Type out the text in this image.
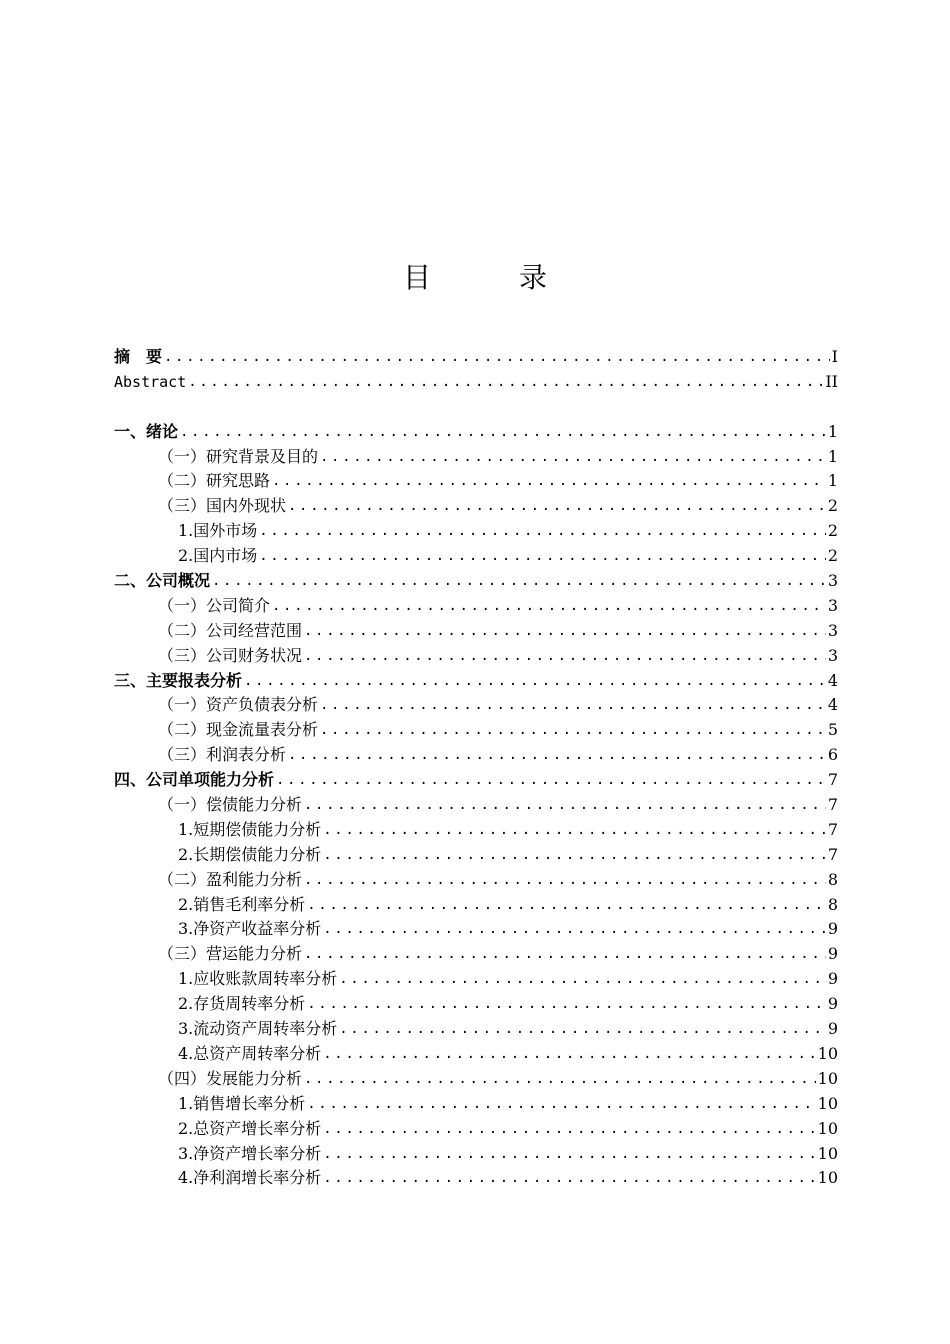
目　录
摘　要 .....	I
Abstract .....	II
一、绪论 .....	1
（一）研究背景及目的 .....	1
（二）研究思路 .....	1
（三）国内外现状 .....	2
1.国外市场 .....	2
2.国内市场 .....	2
二、公司概况 .....	3
（一）公司简介 .....	3
（二）公司经营范围 .....	3
（三）公司财务状况 .....	3
三、主要报表分析 .....	4
（一）资产负债表分析 .....	4
（二）现金流量表分析 .....	5
（三）利润表分析 .....	6
四、公司单项能力分析 .....	7
（一）偿债能力分析 .....	7
1.短期偿债能力分析 .....	7
2.长期偿债能力分析 .....	7
（二）盈利能力分析 .....	8
2.销售毛利率分析 .....	8
3.净资产收益率分析 .....	9
（三）营运能力分析 .....	9
1.应收账款周转率分析 .....	9
2.存货周转率分析 .....	9
3.流动资产周转率分析 .....	9
4.总资产周转率分析 .....	10
（四）发展能力分析 .....	10
1.销售增长率分析 .....	10
2.总资产增长率分析 .....	10
3.净资产增长率分析 .....	10
4.净利润增长率分析 .....	10
